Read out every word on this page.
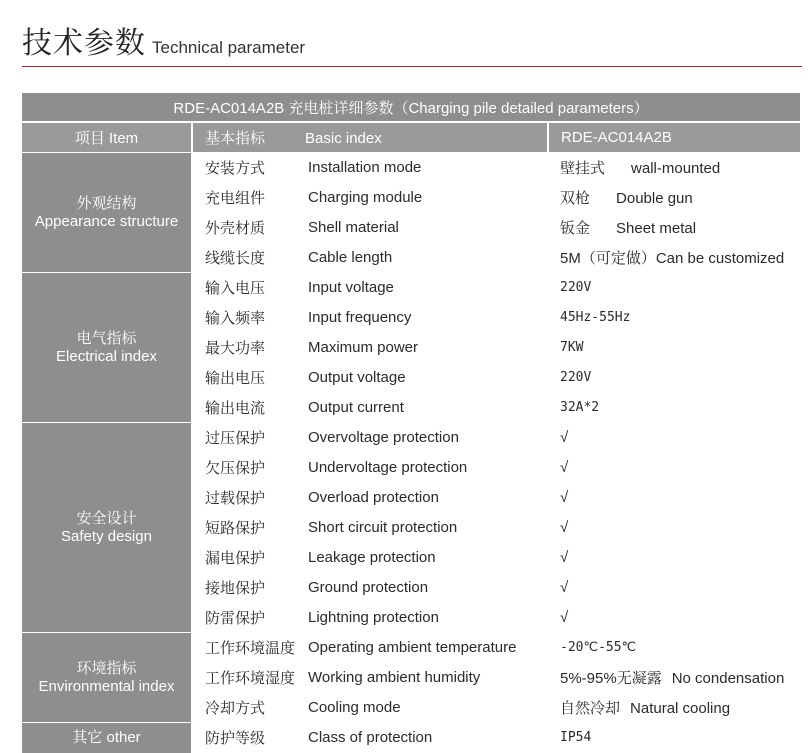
技术参数 Technical parameter
RDE-AC014A2B 充电桩详细参数（Charging pile detailed parameters）			
项目 Item	基本指标 Basic index		RDE-AC014A2B

外观结构
Appearance structure	安装方式	Installation mode	壁挂式 wall-mounted
	充电组件	Charging module	双枪 Double gun
	外壳材质	Shell material	钣金 Sheet metal
	线缆长度	Cable length	5M（可定做）Can be customized

电气指标
Electrical index	输入电压	Input voltage	220V
	输入频率	Input frequency	45Hz-55Hz
	最大功率	Maximum power	7KW
	输出电压	Output voltage	220V
	输出电流	Output current	32A*2

安全设计
Safety design	过压保护	Overvoltage protection	√
	欠压保护	Undervoltage protection	√
	过载保护	Overload protection	√
	短路保护	Short circuit protection	√
	漏电保护	Leakage protection	√
	接地保护	Ground protection	√
	防雷保护	Lightning protection	√

环境指标
Environmental index	工作环境温度	Operating ambient temperature	-20℃-55℃
	工作环境湿度	Working ambient humidity	5%-95%无凝露 No condensation
	冷却方式	Cooling mode	自然冷却 Natural cooling
其它 other	防护等级	Class of protection	IP54
